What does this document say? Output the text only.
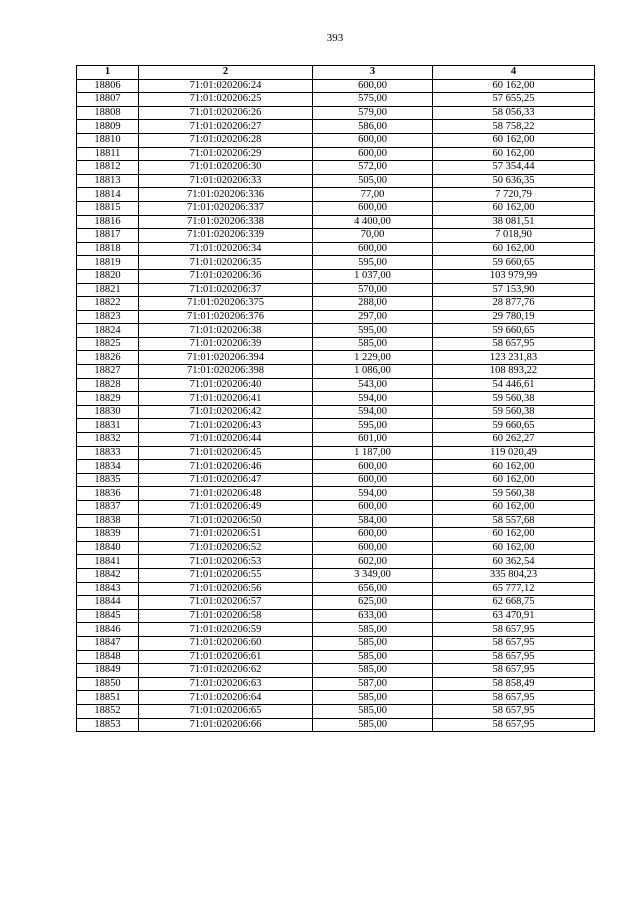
393
1	2	3	4
18806	71:01:020206:24	600,00	60 162,00
18807	71:01:020206:25	575,00	57 655,25
18808	71:01:020206:26	579,00	58 056,33
18809	71:01:020206:27	586,00	58 758,22
18810	71:01:020206:28	600,00	60 162,00
18811	71:01:020206:29	600,00	60 162,00
18812	71:01:020206:30	572,00	57 354,44
18813	71:01:020206:33	505,00	50 636,35
18814	71:01:020206:336	77,00	7 720,79
18815	71:01:020206:337	600,00	60 162,00
18816	71:01:020206:338	4 400,00	38 081,51
18817	71:01:020206:339	70,00	7 018,90
18818	71:01:020206:34	600,00	60 162,00
18819	71:01:020206:35	595,00	59 660,65
18820	71:01:020206:36	1 037,00	103 979,99
18821	71:01:020206:37	570,00	57 153,90
18822	71:01:020206:375	288,00	28 877,76
18823	71:01:020206:376	297,00	29 780,19
18824	71:01:020206:38	595,00	59 660,65
18825	71:01:020206:39	585,00	58 657,95
18826	71:01:020206:394	1 229,00	123 231,83
18827	71:01:020206:398	1 086,00	108 893,22
18828	71:01:020206:40	543,00	54 446,61
18829	71:01:020206:41	594,00	59 560,38
18830	71:01:020206:42	594,00	59 560,38
18831	71:01:020206:43	595,00	59 660,65
18832	71:01:020206:44	601,00	60 262,27
18833	71:01:020206:45	1 187,00	119 020,49
18834	71:01:020206:46	600,00	60 162,00
18835	71:01:020206:47	600,00	60 162,00
18836	71:01:020206:48	594,00	59 560,38
18837	71:01:020206:49	600,00	60 162,00
18838	71:01:020206:50	584,00	58 557,68
18839	71:01:020206:51	600,00	60 162,00
18840	71:01:020206:52	600,00	60 162,00
18841	71:01:020206:53	602,00	60 362,54
18842	71:01:020206:55	3 349,00	335 804,23
18843	71:01:020206:56	656,00	65 777,12
18844	71:01:020206:57	625,00	62 668,75
18845	71:01:020206:58	633,00	63 470,91
18846	71:01:020206:59	585,00	58 657,95
18847	71:01:020206:60	585,00	58 657,95
18848	71:01:020206:61	585,00	58 657,95
18849	71:01:020206:62	585,00	58 657,95
18850	71:01:020206:63	587,00	58 858,49
18851	71:01:020206:64	585,00	58 657,95
18852	71:01:020206:65	585,00	58 657,95
18853	71:01:020206:66	585,00	58 657,95
